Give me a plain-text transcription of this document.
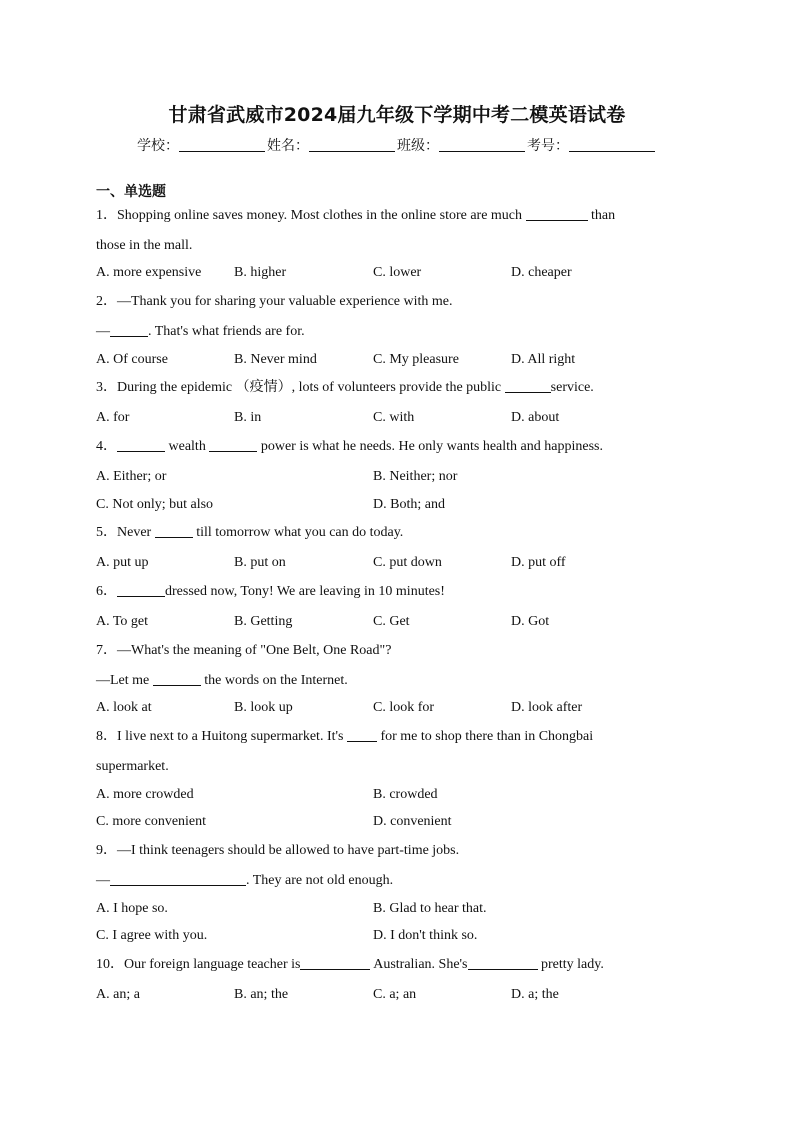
甘肃省武威市2024届九年级下学期中考二模英语试卷
学校：	姓名：	班级：	考号：
一、单选题
1．Shopping online saves money. Most clothes in the online store are much	than
those in the mall.
A. more expensive B. higher	C. lower	D. cheaper
2．—Thank you for sharing your valuable experience with me.
—	. That's what friends are for.
A. Of course	B. Never mind	C. My pleasure	D. All right
3．During the epidemic （疫情）, lots of volunteers provide the public	service.
A. for	B. in	C. with	D. about
4．	wealth	power is what he needs. He only wants health and happiness.
A. Either; or	B. Neither; nor
C. Not only; but also	D. Both; and
5．Never	till tomorrow what you can do today.
A. put up	B. put on	C. put down	D. put off
6．	dressed now, Tony! We are leaving in 10 minutes!
A. To get	B. Getting	C. Get	D. Got
7．—What's the meaning of "One Belt, One Road"?
—Let me	the words on the Internet.
A. look at	B. look up	C. look for	D. look after
8．I live next to a Huitong supermarket. It's	for me to shop there than in Chongbai
supermarket.
A. more crowded	B. crowded
C. more convenient	D. convenient
9．—I think teenagers should be allowed to have part-time jobs.
—	. They are not old enough.
A. I hope so.	B. Glad to hear that.
C. I agree with you.	D. I don't think so.
10．Our foreign language teacher is	Australian. She's	pretty lady.
A. an; a	B. an; the	C. a; an	D. a; the
